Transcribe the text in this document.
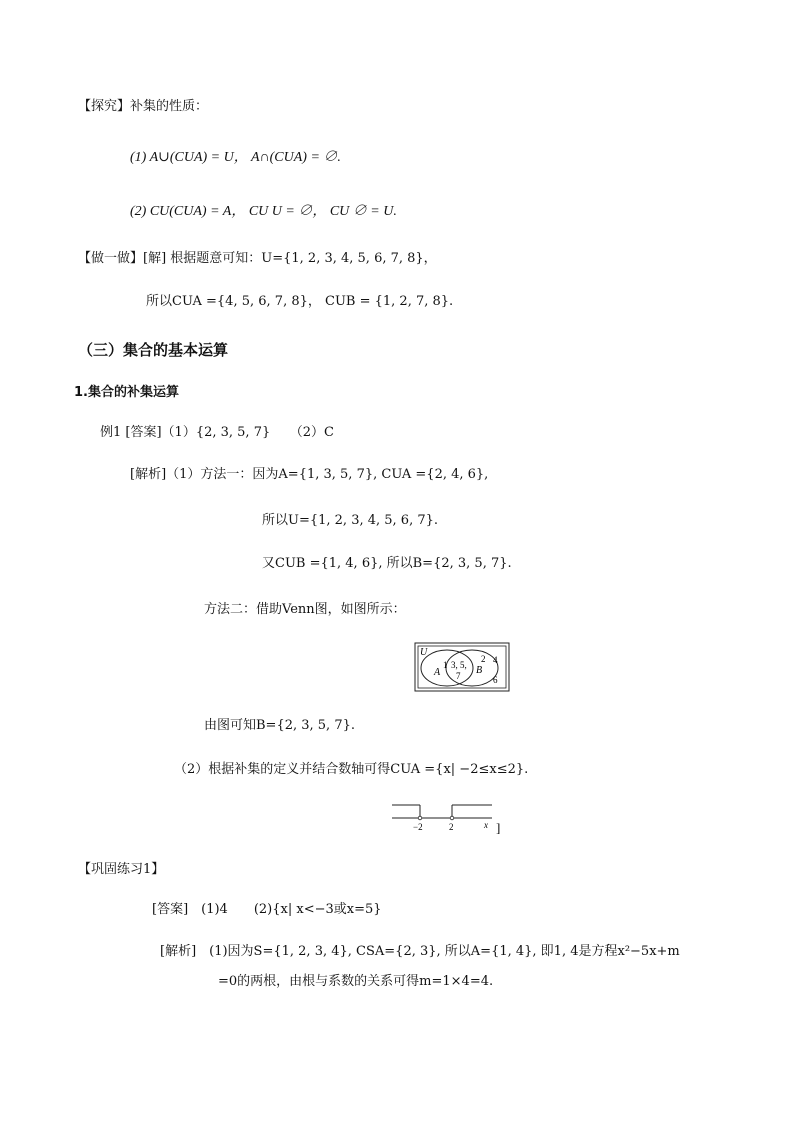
【探究】补集的性质：
(1) A∪(CUA) = U， A∩(CUA) = ∅.
(2) CU(CUA) = A， CU U = ∅， CU ∅ = U.
【做一做】[解] 根据题意可知：U={1, 2, 3, 4, 5, 6, 7, 8}，
所以CUA ={4, 5, 6, 7, 8}， CUB = {1, 2, 7, 8}.
（三）集合的基本运算
1.集合的补集运算
例1 [答案]（1）{2, 3, 5, 7}　　（2）C
[解析]（1）方法一：因为A={1, 3, 5, 7}, CUA ={2, 4, 6},
所以U={1, 2, 3, 4, 5, 6, 7}.
又CUB ={1, 4, 6}, 所以B={2, 3, 5, 7}.
方法二：借助Venn图，如图所示：
U
A
1 3, 5,
7 B
2 4
6
由图可知B={2, 3, 5, 7}.
（2）根据补集的定义并结合数轴可得CUA ={x| −2≤x≤2}.
−2	2	x ]
【巩固练习1】
[答案]　(1)4　　(2){x| x<−3或x=5}
[解析]　(1)因为S={1, 2, 3, 4}, CSA={2, 3}, 所以A={1, 4}, 即1, 4是方程x²−5x+m
=0的两根，由根与系数的关系可得m=1×4=4.
